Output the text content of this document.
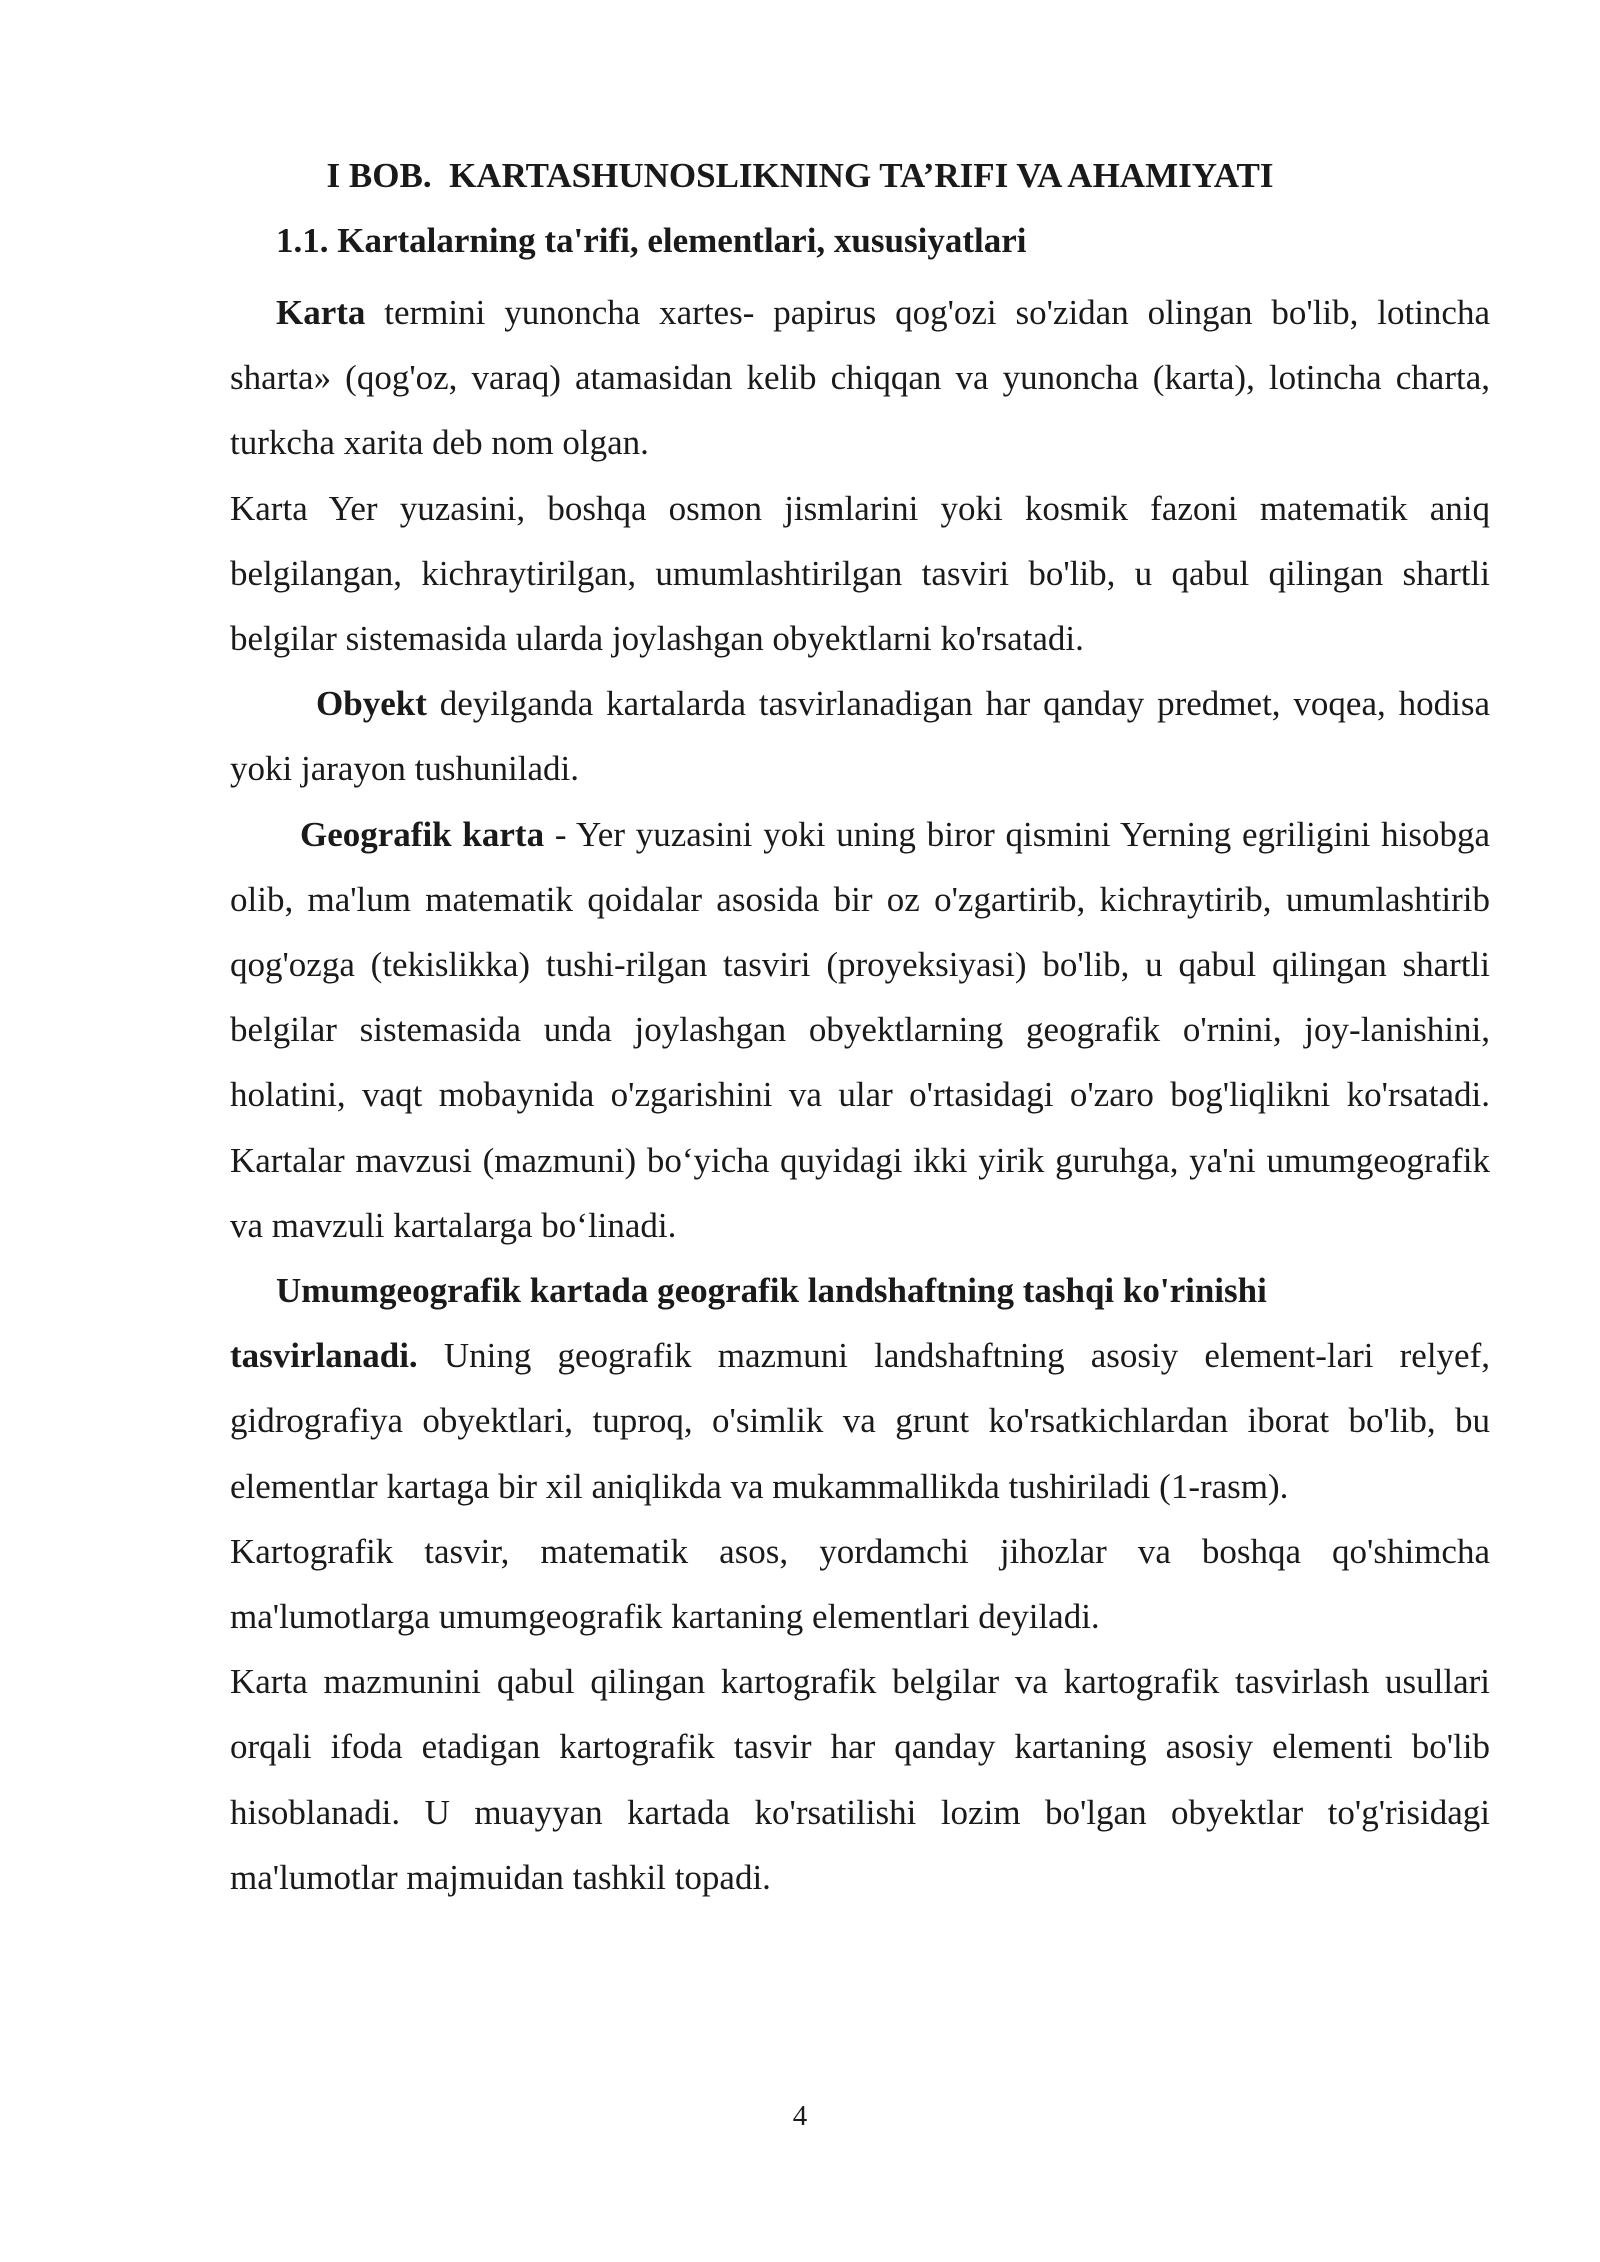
I BOB.  KARTASHUNOSLIKNING TA’RIFI VA AHAMIYATI
1.1. Kartalarning ta'rifi, elementlari, xususiyatlari

Karta termini yunoncha xartes- papirus qog'ozi so'zidan olingan bo'lib, lotincha sharta» (qog'oz, varaq) atamasidan kelib chiqqan va yunoncha (karta), lotincha charta, turkcha xarita deb nom olgan.

Karta Yer yuzasini, boshqa osmon jismlarini yoki kosmik fazoni matematik aniq belgilangan, kichraytirilgan, umumlashtirilgan tasviri bo'lib, u qabul qilingan shartli belgilar sistemasida ularda joylashgan obyektlarni ko'rsatadi.

Obyekt deyilganda kartalarda tasvirlanadigan har qanday predmet, voqea, hodisa yoki jarayon tushuniladi.

Geografik karta - Yer yuzasini yoki uning biror qismini Yerning egriligini hisobga olib, ma'lum matematik qoidalar asosida bir oz o'zgartirib, kichraytirib, umumlashtirib qog'ozga (tekislikka) tushi-rilgan tasviri (proyeksiyasi) bo'lib, u qabul qilingan shartli belgilar sistemasida unda joylashgan obyektlarning geografik o'rnini, joy-lanishini, holatini, vaqt mobaynida o'zgarishini va ular o'rtasidagi o'zaro bog'liqlikni ko'rsatadi. Kartalar mavzusi (mazmuni) bo‘yicha quyidagi ikki yirik guruhga, ya'ni umumgeografik va mavzuli kartalarga bo‘linadi.

Umumgeografik kartada geografik landshaftning tashqi ko'rinishi

tasvirlanadi. Uning geografik mazmuni landshaftning asosiy element-lari relyef, gidrografiya obyektlari, tuproq, o'simlik va grunt ko'rsatkichlardan iborat bo'lib, bu elementlar kartaga bir xil aniqlikda va mukammallikda tushiriladi (1-rasm).

Kartografik tasvir, matematik asos, yordamchi jihozlar va boshqa qo'shimcha ma'lumotlarga umumgeografik kartaning elementlari deyiladi.

Karta mazmunini qabul qilingan kartografik belgilar va kartografik tasvirlash usullari orqali ifoda etadigan kartografik tasvir har qanday kartaning asosiy elementi bo'lib hisoblanadi. U muayyan kartada ko'rsatilishi lozim bo'lgan obyektlar to'g'risidagi ma'lumotlar majmuidan tashkil topadi.

4
